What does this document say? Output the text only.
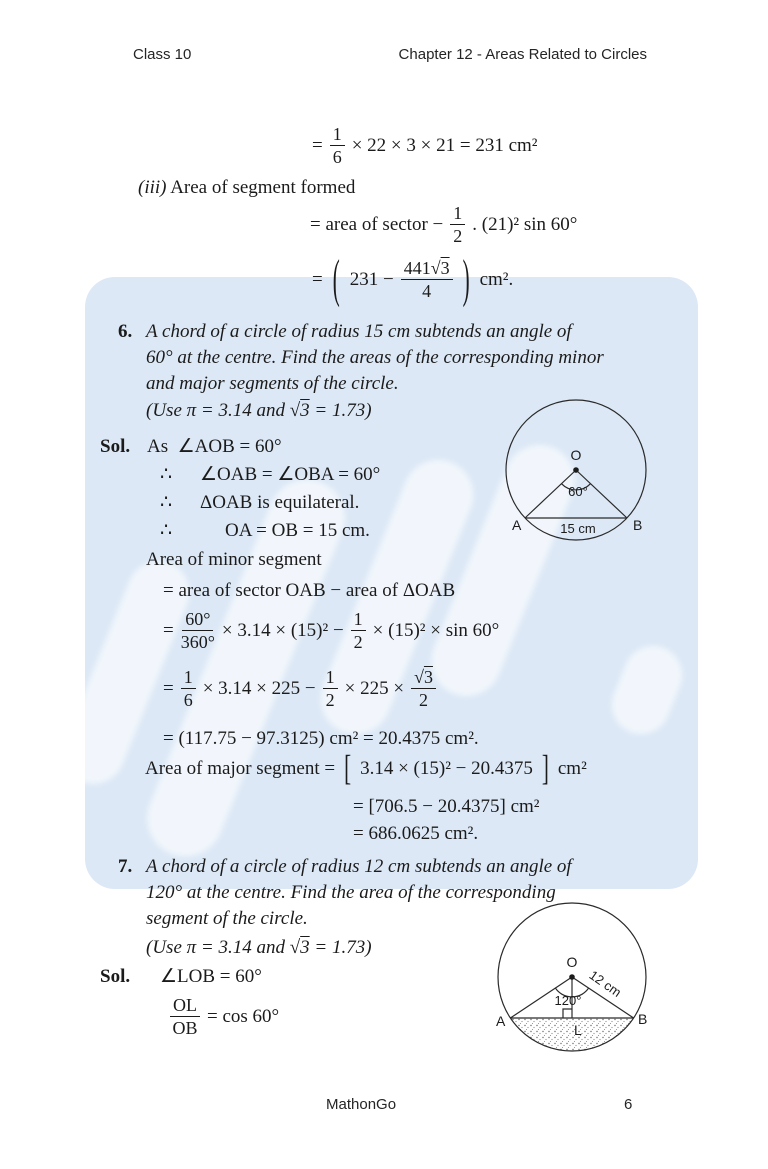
Class 10	Chapter 12 - Areas Related to Circles
= $\frac{1}{6} \times 22 \times 3 \times 21 = 231$ cm²
(iii) Area of segment formed
= area of sector − $\frac{1}{2}$ . (21)² sin 60°
= ( $231 - \frac{441√3}{4}$ ) cm².
6. A chord of a circle of radius 15 cm subtends an angle of
60° at the centre. Find the areas of the corresponding minor
and major segments of the circle.
(Use π = 3.14 and √3 = 1.73)
Sol. As  ∠AOB = 60°
∴ ∠OAB = ∠OBA = 60°
∴ ΔOAB is equilateral.
∴	OA = OB = 15 cm.
Area of minor segment
= area of sector OAB − area of ΔOAB
= $\frac{60^\circ}{360^\circ} \times 3.14 \times (15)^2 - \frac{1}{2} \times (15)^2 \times \sin 60^\circ$
= $\frac{1}{6} \times 3.14 \times 225 - \frac{1}{2} \times 225 \times \frac{√3}{2}$
= (117.75 − 97.3125) cm² = 20.4375 cm².
Area of major segment = [ 3.14 × (15)² − 20.4375 ] cm²
= [706.5 − 20.4375] cm²
= 686.0625 cm².
O
60°
A	B
15 cm
7. A chord of a circle of radius 12 cm subtends an angle of
120° at the centre. Find the area of the corresponding
segment of the circle.
(Use π = 3.14 and √3 = 1.73)
Sol. ∠LOB = 60°
$\frac{OL}{OB} = \cos 60^\circ$
O
120°
A	B
L
12 cm
MathonGo	6
